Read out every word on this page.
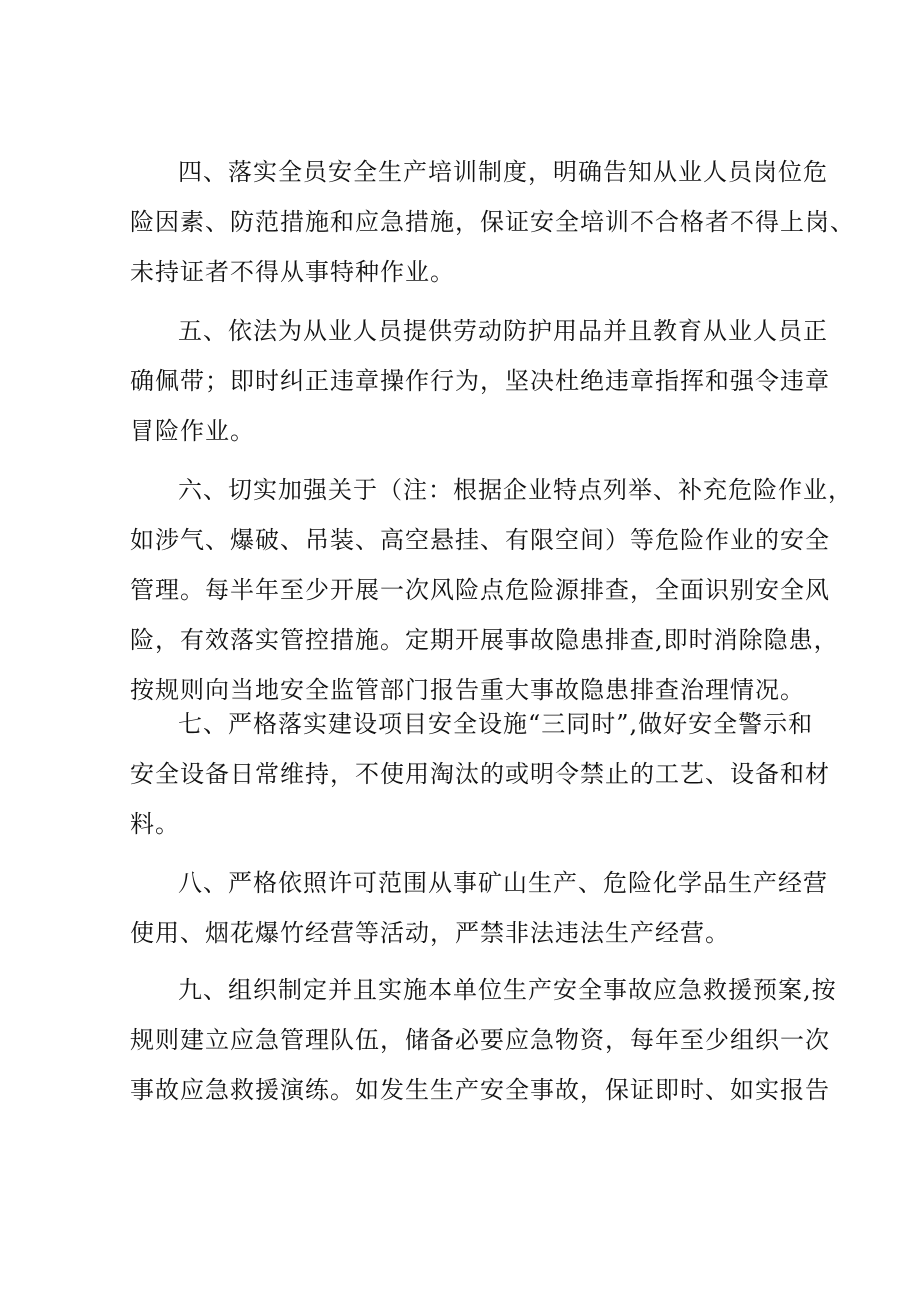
四、落实全员安全生产培训制度，明确告知从业人员岗位危
险因素、防范措施和应急措施，保证安全培训不合格者不得上岗、
未持证者不得从事特种作业。
五、依法为从业人员提供劳动防护用品并且教育从业人员正
确佩带；即时纠正违章操作行为，坚决杜绝违章指挥和强令违章
冒险作业。
六、切实加强关于（注：根据企业特点列举、补充危险作业，
如涉气、爆破、吊装、高空悬挂、有限空间）等危险作业的安全
管理。每半年至少开展一次风险点危险源排查，全面识别安全风
险，有效落实管控措施。定期开展事故隐患排查,即时消除隐患，
按规则向当地安全监管部门报告重大事故隐患排查治理情况。
七、严格落实建设项目安全设施“三同时”,做好安全警示和
安全设备日常维持，不使用淘汰的或明令禁止的工艺、设备和材
料。
八、严格依照许可范围从事矿山生产、危险化学品生产经营
使用、烟花爆竹经营等活动，严禁非法违法生产经营。
九、组织制定并且实施本单位生产安全事故应急救援预案,按
规则建立应急管理队伍，储备必要应急物资，每年至少组织一次
事故应急救援演练。如发生生产安全事故，保证即时、如实报告
